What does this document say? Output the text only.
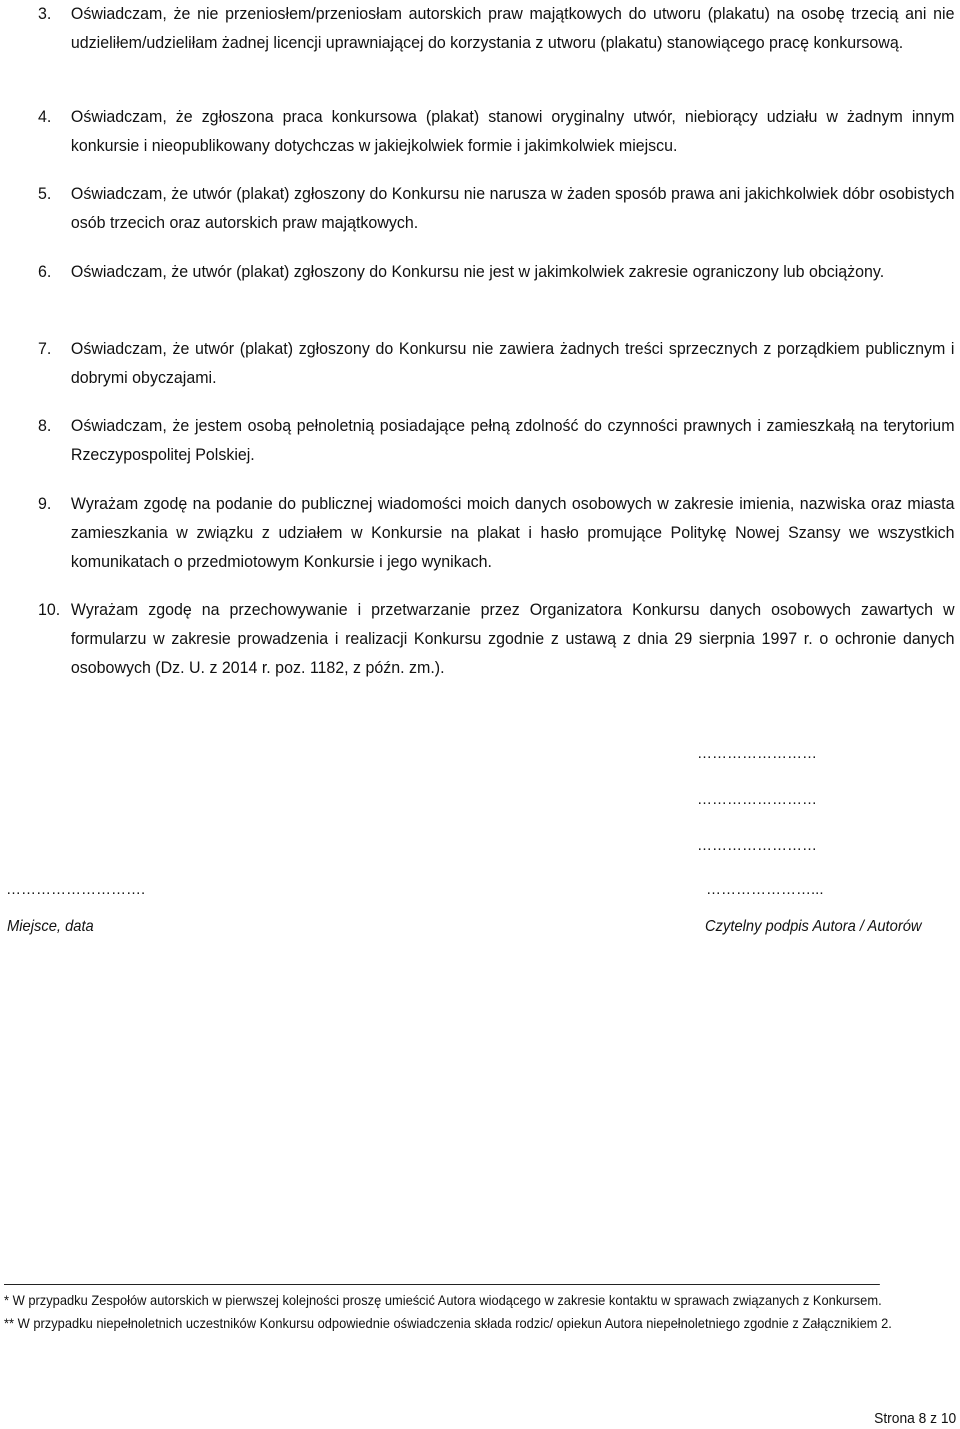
3. Oświadczam, że nie przeniosłem/przeniosłam autorskich praw majątkowych do utworu (plakatu) na osobę trzecią ani nie udzieliłem/udzieliłam żadnej licencji uprawniającej do korzystania z utworu (plakatu) stanowiącego pracę konkursową.
4. Oświadczam, że zgłoszona praca konkursowa (plakat) stanowi oryginalny utwór, niebiorący udziału w żadnym innym konkursie i nieopublikowany dotychczas w jakiejkolwiek formie i jakimkolwiek miejscu.
5. Oświadczam, że utwór (plakat) zgłoszony do Konkursu nie narusza w żaden sposób prawa ani jakichkolwiek dóbr osobistych osób trzecich oraz autorskich praw majątkowych.
6. Oświadczam, że utwór (plakat) zgłoszony do Konkursu nie jest w jakimkolwiek zakresie ograniczony lub obciążony.
7. Oświadczam, że utwór (plakat) zgłoszony do Konkursu nie zawiera żadnych treści sprzecznych z porządkiem publicznym i dobrymi obyczajami.
8. Oświadczam, że jestem osobą pełnoletnią posiadające pełną zdolność do czynności prawnych i zamieszkałą na terytorium Rzeczypospolitej Polskiej.
9. Wyrażam zgodę na podanie do publicznej wiadomości moich danych osobowych w zakresie imienia, nazwiska oraz miasta zamieszkania w związku z udziałem w Konkursie na plakat i hasło promujące Politykę Nowej Szansy we wszystkich komunikatach o przedmiotowym Konkursie i jego wynikach.
10. Wyrażam zgodę na przechowywanie i przetwarzanie przez Organizatora Konkursu danych osobowych zawartych w formularzu w zakresie prowadzenia i realizacji Konkursu zgodnie z ustawą z dnia 29 sierpnia 1997 r. o ochronie danych osobowych (Dz. U. z 2014 r. poz. 1182, z późn. zm.).
……………………
……………………
……………………
……………………….	…………………...
Miejsce, data	Czytelny podpis Autora / Autorów
* W przypadku Zespołów autorskich w pierwszej kolejności proszę umieścić Autora wiodącego w zakresie kontaktu w sprawach związanych z Konkursem.
** W przypadku niepełnoletnich uczestników Konkursu odpowiednie oświadczenia składa rodzic/ opiekun Autora niepełnoletniego zgodnie z Załącznikiem 2.
Strona 8 z 10
